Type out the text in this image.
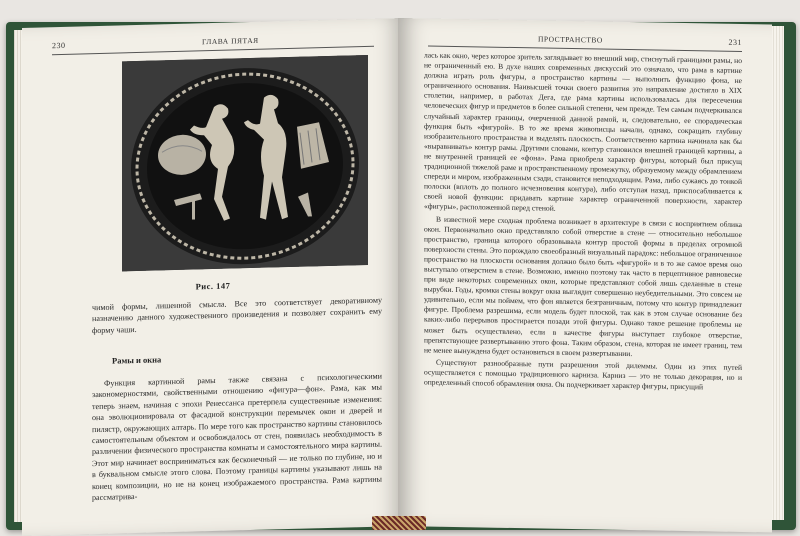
230	ГЛАВА ПЯТАЯ
Рис. 147

чимой формы, лишенной смысла. Все это соответствует декоративному назначению данного художественного произведения и позволяет сохранить ему форму чаши.

Рамы и окна

Функция картинной рамы также связана с психологическими закономерностями, свойственными отношению «фигура—фон». Рама, как мы теперь знаем, начиная с эпохи Ренессанса претерпела существенные изменения: она эволюционировала от фасадной конструкции перемычек окон и дверей и пилястр, окружающих алтарь. По мере того как пространство картины становилось самостоятельным объектом и освобождалось от стен, появилась необходимость в различении физического пространства комнаты и самостоятельного мира картины. Этот мир начинает восприниматься как бесконечный — не только по глубине, но и в буквальном смысле этого слова. Поэтому границы картины указывают лишь на конец композиции, но не на конец изображаемого пространства. Рама картины рассматрива-

ПРОСТРАНСТВО	231

лась как окно, через которое зритель заглядывает во внешний мир, стиснутый границами рамы, но не ограниченный ею. В духе наших современных дискуссий это означало, что рама в картине должна играть роль фигуры, а пространство картины — выполнить функцию фона, не ограниченного основания. Наивысшей точки своего развития это направление достигло в XIX столетии, например, в работах Дега, где рама картины использовалась для пересечения человеческих фигур и предметов в более сильной степени, чем прежде. Тем самым подчеркивался случайный характер границы, очерченной данной рамой, и, следовательно, ее спорадическая функция быть «фигурой». В то же время живописцы начали, однако, сокращать глубину изобразительного пространства и выделять плоскость. Соответственно картина начинала как бы «выравнивать» контур рамы. Другими словами, контур становился внешней границей картины, а не внутренней границей ее «фона». Рама приобрела характер фигуры, который был присущ традиционной тяжелой раме и пространственному промежутку, образуемому между обрамлением спереди и миром, изображенным сзади, становится неподходящим. Рама, либо сужаясь до тонкой полоски (вплоть до полного исчезновения контура), либо отступая назад, приспосабливается к своей новой функции: придавать картине характер ограниченной поверхности, характер «фигуры», расположенной перед стеной.

В известной мере сходная проблема возникает в архитектуре в связи с восприятием облика окон. Первоначально окно представляло собой отверстие в стене — относительно небольшое пространство, граница которого образовывала контур простой формы в пределах огромной поверхности стены. Это порождало своеобразный визуальный парадокс: небольшое ограниченное пространство на плоскости основания должно было быть «фигурой» и в то же самое время оно выступало отверстием в стене. Возможно, именно поэтому так часто в перцептивное равновесие при виде некоторых современных окон, которые представляют собой лишь сделанные в стене вырубки. Годы, кромки стены вокруг окна выглядит совершенно неубедительными. Это совсем не удивительно, если мы поймем, что фон является безграничным, потому что контур принадлежит фигуре. Проблема разрешима, если модель будет плоской, так как в этом случае основание без каких-либо перерывов простирается позади этой фигуры. Однако такое решение проблемы не может быть осуществлено, если в качестве фигуры выступает глубокое отверстие, препятствующее развертыванию этого фона. Таким образом, стена, которая не имеет границ, тем не менее вынуждена будет остановиться в своем развертывании.

Существуют разнообразные пути разрешения этой дилеммы. Один из этих путей осуществляется с помощью традиционного карниза. Карниз — это не только декорация, но и определенный способ обрамления окна. Он подчеркивает характер фигуры, присущий
